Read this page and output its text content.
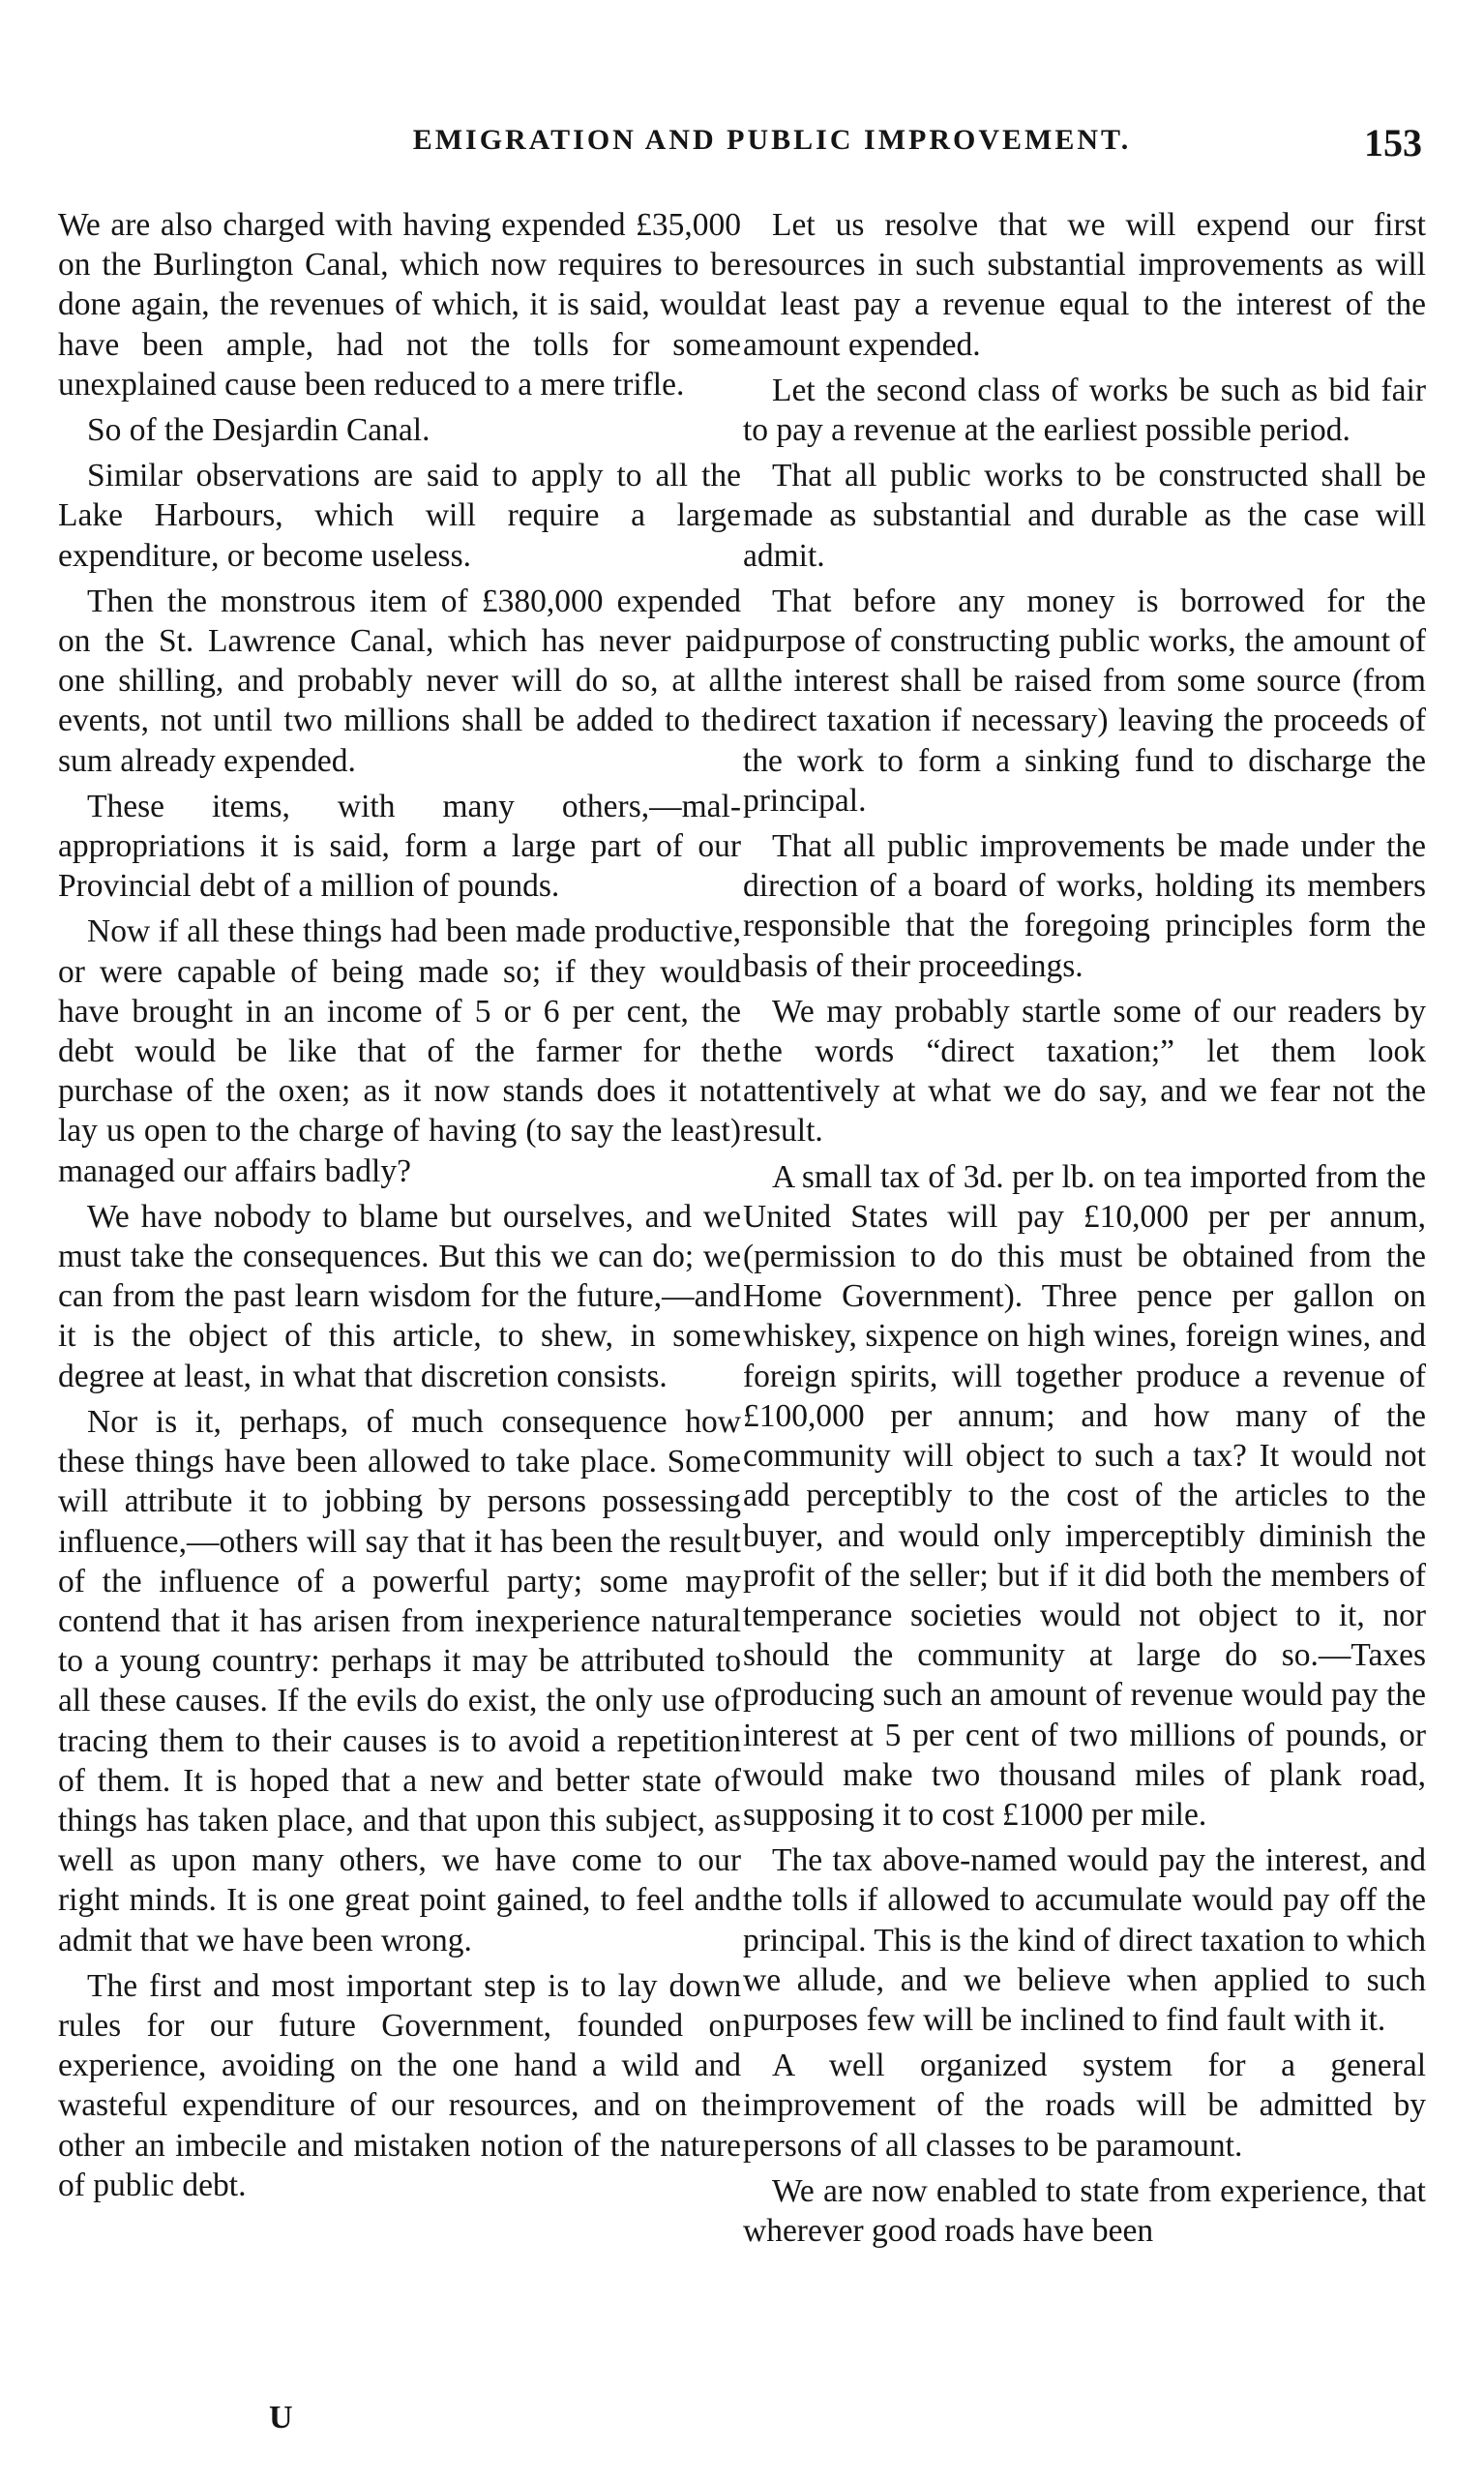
EMIGRATION AND PUBLIC IMPROVEMENT.	153

We are also charged with having expended £35,000 on the Burlington Canal, which now requires to be done again, the revenues of which, it is said, would have been ample, had not the tolls for some unexplained cause been reduced to a mere trifle.

So of the Desjardin Canal.

Similar observations are said to apply to all the Lake Harbours, which will require a large expenditure, or become useless.

Then the monstrous item of £380,000 expended on the St. Lawrence Canal, which has never paid one shilling, and probably never will do so, at all events, not until two millions shall be added to the sum already expended.

These items, with many others,—mal-appropriations it is said, form a large part of our Provincial debt of a million of pounds.

Now if all these things had been made productive, or were capable of being made so; if they would have brought in an income of 5 or 6 per cent, the debt would be like that of the farmer for the purchase of the oxen; as it now stands does it not lay us open to the charge of having (to say the least) managed our affairs badly?

We have nobody to blame but ourselves, and we must take the consequences. But this we can do; we can from the past learn wisdom for the future,—and it is the object of this article, to shew, in some degree at least, in what that discretion consists.

Nor is it, perhaps, of much consequence how these things have been allowed to take place. Some will attribute it to jobbing by persons possessing influence,—others will say that it has been the result of the influence of a powerful party; some may contend that it has arisen from inexperience natural to a young country: perhaps it may be attributed to all these causes. If the evils do exist, the only use of tracing them to their causes is to avoid a repetition of them. It is hoped that a new and better state of things has taken place, and that upon this subject, as well as upon many others, we have come to our right minds. It is one great point gained, to feel and admit that we have been wrong.

The first and most important step is to lay down rules for our future Government, founded on experience, avoiding on the one hand a wild and wasteful expenditure of our resources, and on the other an imbecile and mistaken notion of the nature of public debt.

Let us resolve that we will expend our first resources in such substantial improvements as will at least pay a revenue equal to the interest of the amount expended.

Let the second class of works be such as bid fair to pay a revenue at the earliest possible period.

That all public works to be constructed shall be made as substantial and durable as the case will admit.

That before any money is borrowed for the purpose of constructing public works, the amount of the interest shall be raised from some source (from direct taxation if necessary) leaving the proceeds of the work to form a sinking fund to discharge the principal.

That all public improvements be made under the direction of a board of works, holding its members responsible that the foregoing principles form the basis of their proceedings.

We may probably startle some of our readers by the words “direct taxation;” let them look attentively at what we do say, and we fear not the result.

A small tax of 3d. per lb. on tea imported from the United States will pay £10,000 per per annum, (permission to do this must be obtained from the Home Government). Three pence per gallon on whiskey, sixpence on high wines, foreign wines, and foreign spirits, will together produce a revenue of £100,000 per annum; and how many of the community will object to such a tax? It would not add perceptibly to the cost of the articles to the buyer, and would only imperceptibly diminish the profit of the seller; but if it did both the members of temperance societies would not object to it, nor should the community at large do so.—Taxes producing such an amount of revenue would pay the interest at 5 per cent of two millions of pounds, or would make two thousand miles of plank road, supposing it to cost £1000 per mile.

The tax above-named would pay the interest, and the tolls if allowed to accumulate would pay off the principal. This is the kind of direct taxation to which we allude, and we believe when applied to such purposes few will be inclined to find fault with it.

A well organized system for a general improvement of the roads will be admitted by persons of all classes to be paramount.

We are now enabled to state from experience, that wherever good roads have been

U
